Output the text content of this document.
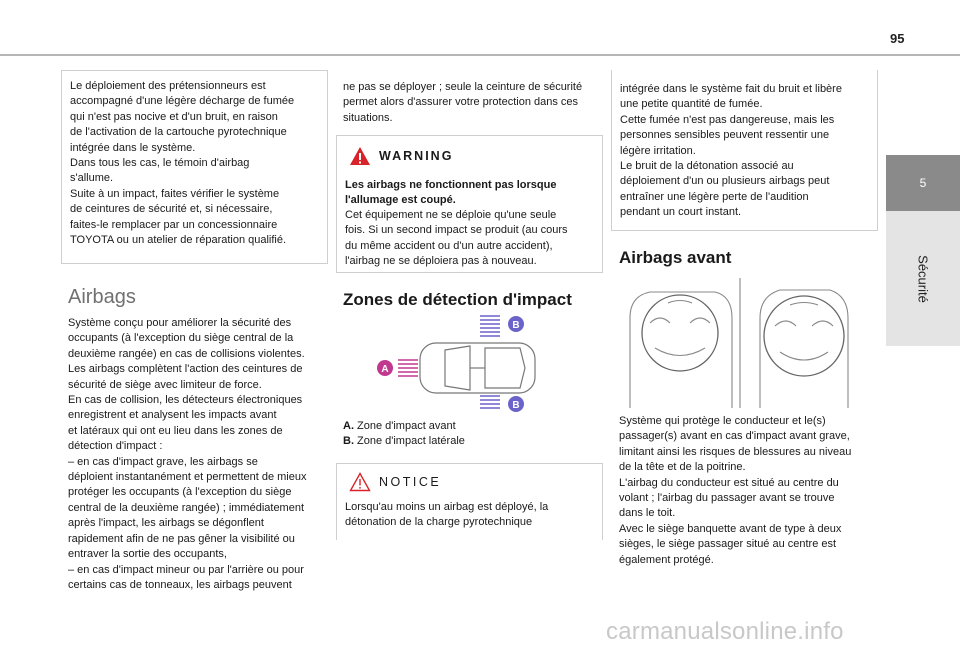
95
5
Sécurité

Le déploiement des prétensionneurs est

accompagné d'une légère décharge de fumée

qui n'est pas nocive et d'un bruit, en raison

de l'activation de la cartouche pyrotechnique

intégrée dans le système.

Dans tous les cas, le témoin d'airbag

s'allume.

Suite à un impact, faites vérifier le système

de ceintures de sécurité et, si nécessaire,

faites-le remplacer par un concessionnaire

TOYOTA ou un atelier de réparation qualifié.

Airbags

Système conçu pour améliorer la sécurité des

occupants (à l'exception du siège central de la

deuxième rangée) en cas de collisions violentes.

Les airbags complètent l'action des ceintures de

sécurité de siège avec limiteur de force.

En cas de collision, les détecteurs électroniques

enregistrent et analysent les impacts avant

et latéraux qui ont eu lieu dans les zones de

détection d'impact :

– en cas d'impact grave, les airbags se

déploient instantanément et permettent de mieux

protéger les occupants (à l'exception du siège

central de la deuxième rangée) ; immédiatement

après l'impact, les airbags se dégonflent

rapidement afin de ne pas gêner la visibilité ou

entraver la sortie des occupants,

– en cas d'impact mineur ou par l'arrière ou pour

certains cas de tonneaux, les airbags peuvent

ne pas se déployer ; seule la ceinture de sécurité

permet alors d'assurer votre protection dans ces

situations.

WARNING

Les airbags ne fonctionnent pas lorsque

l'allumage est coupé.

Cet équipement ne se déploie qu'une seule

fois. Si un second impact se produit (au cours

du même accident ou d'un autre accident),

l'airbag ne se déploiera pas à nouveau.

Zones de détection d'impact
A
B
B

A. Zone d'impact avant

B. Zone d'impact latérale

NOTICE

Lorsqu'au moins un airbag est déployé, la

détonation de la charge pyrotechnique

intégrée dans le système fait du bruit et libère

une petite quantité de fumée.

Cette fumée n'est pas dangereuse, mais les

personnes sensibles peuvent ressentir une

légère irritation.

Le bruit de la détonation associé au

déploiement d'un ou plusieurs airbags peut

entraîner une légère perte de l'audition

pendant un court instant.

Airbags avant

Système qui protège le conducteur et le(s)

passager(s) avant en cas d'impact avant grave,

limitant ainsi les risques de blessures au niveau

de la tête et de la poitrine.

L'airbag du conducteur est situé au centre du

volant ; l'airbag du passager avant se trouve

dans le toit.

Avec le siège banquette avant de type à deux

sièges, le siège passager situé au centre est

également protégé.

carmanualsonline.info
